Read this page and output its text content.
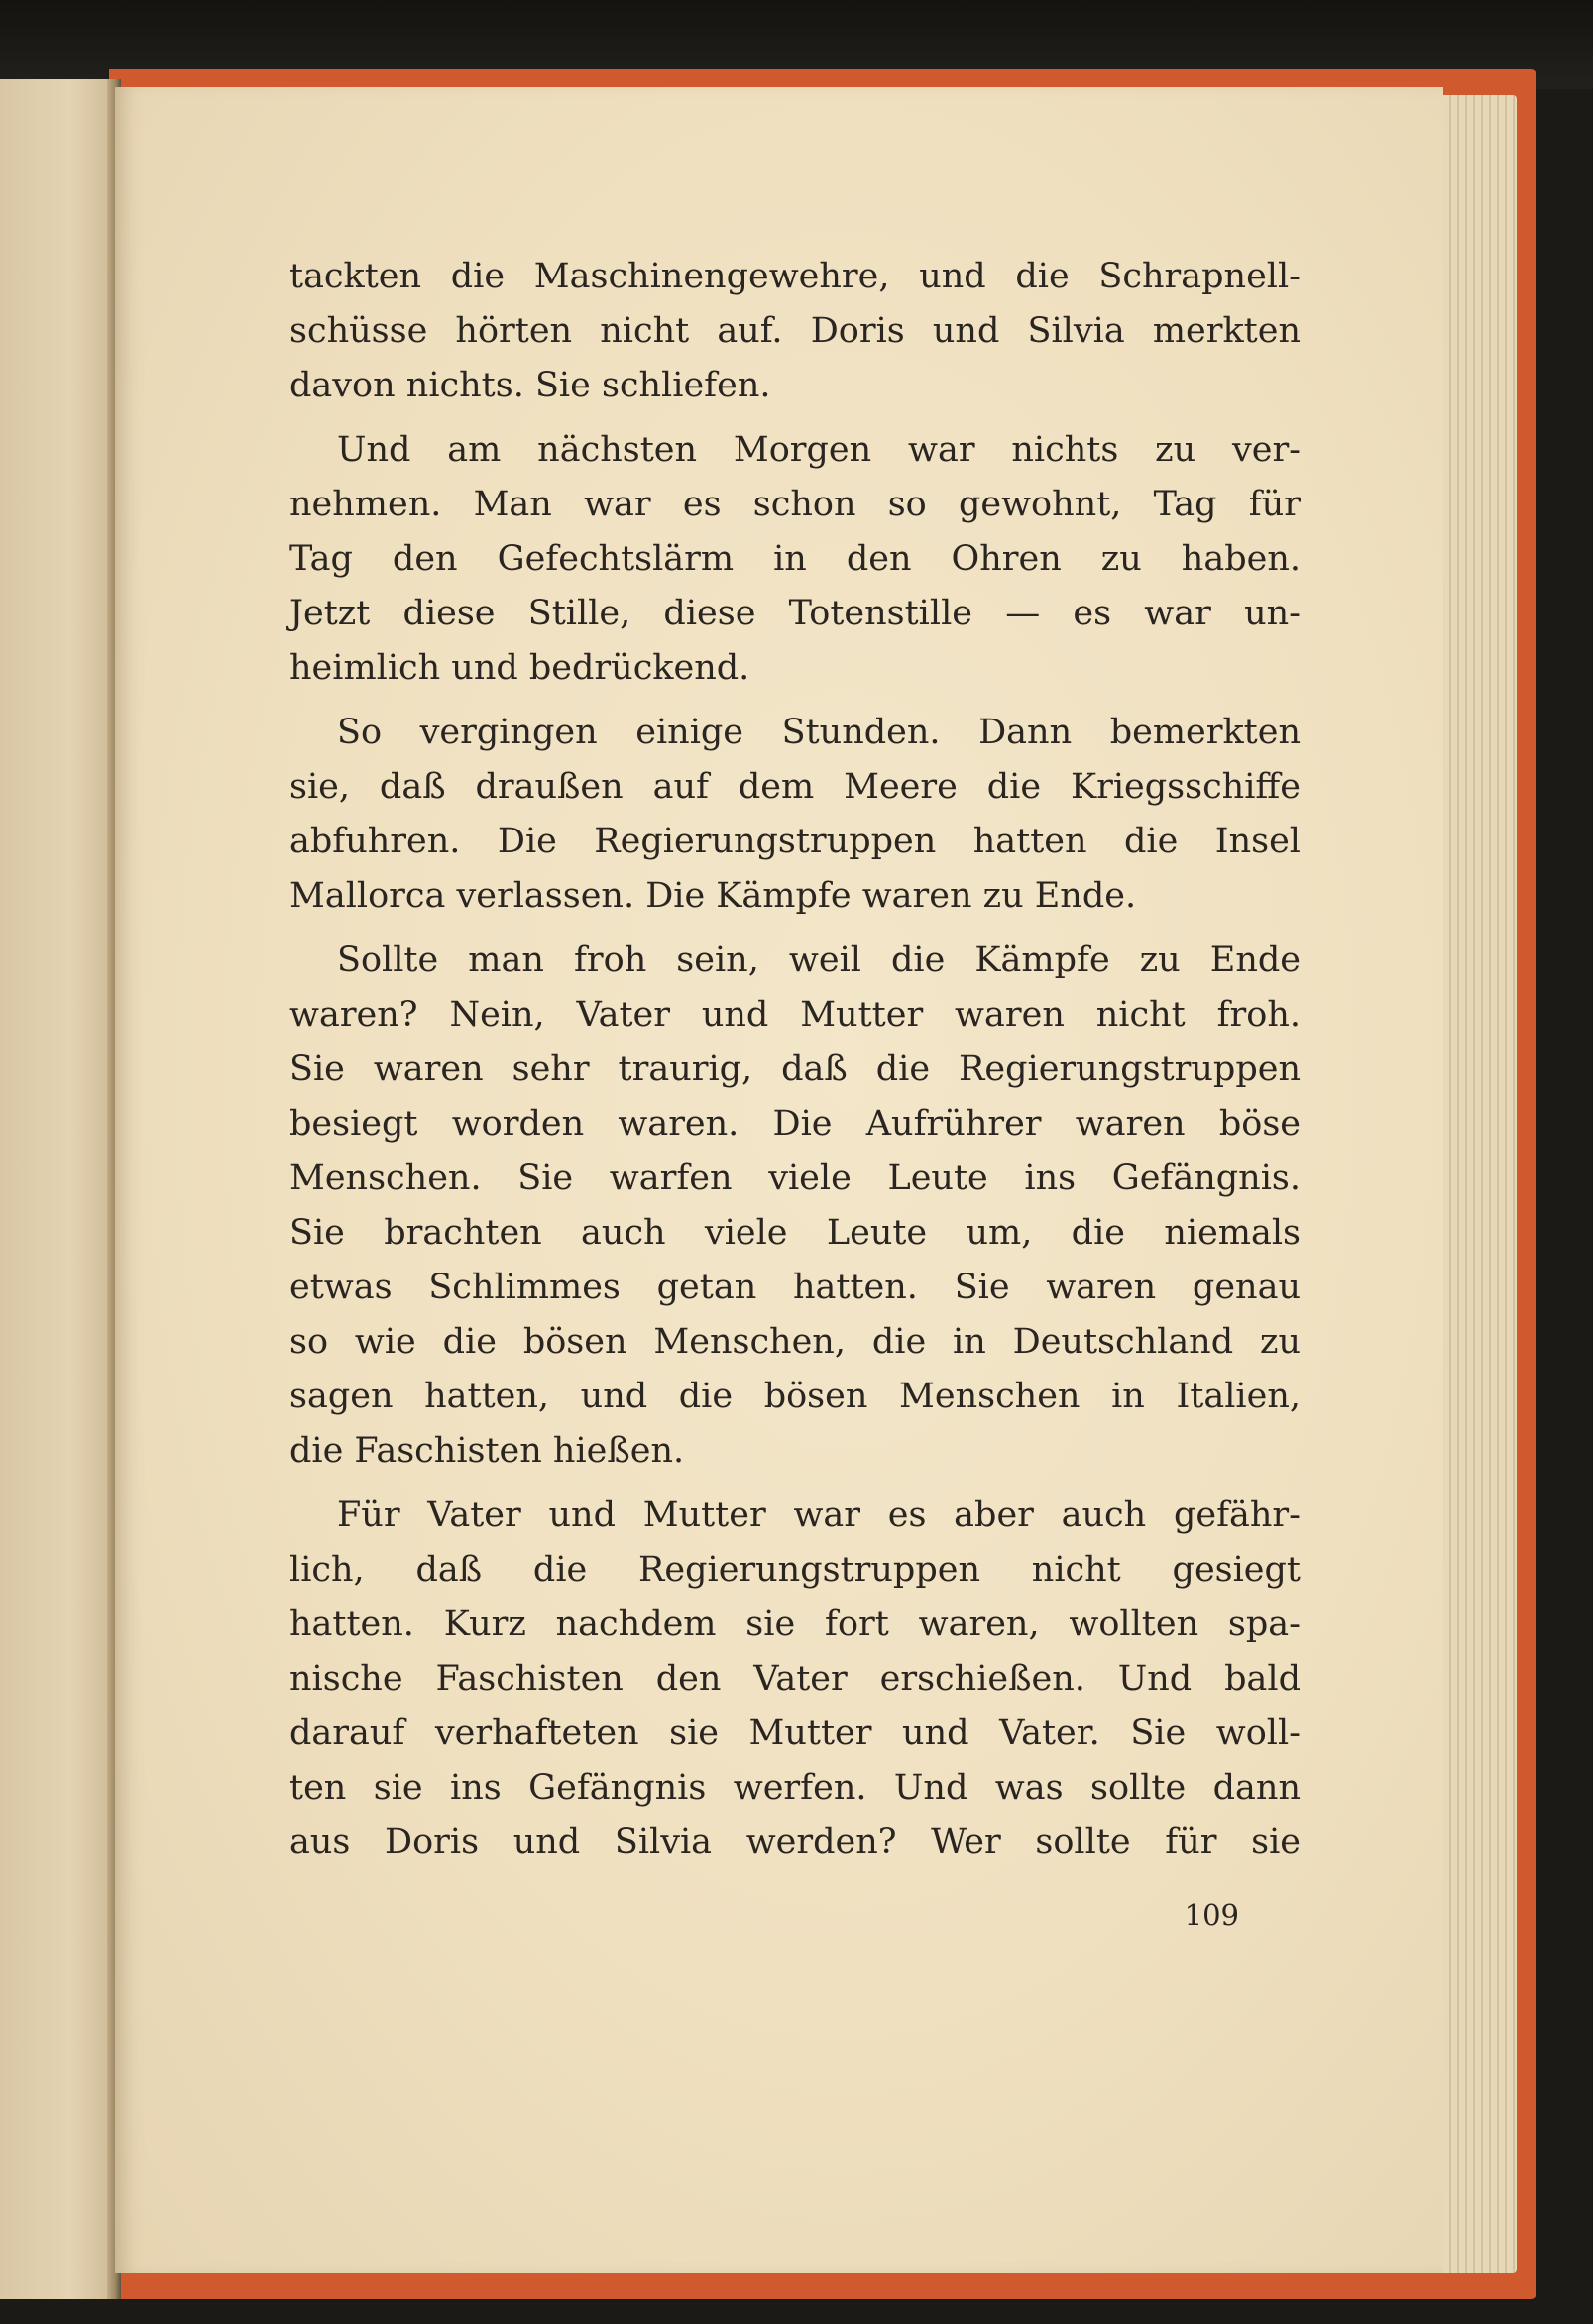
tackten die Maschinengewehre, und die Schrapnell-
schüsse hörten nicht auf. Doris und Silvia merkten
davon nichts. Sie schliefen.
Und am nächsten Morgen war nichts zu ver-
nehmen. Man war es schon so gewohnt, Tag für
Tag den Gefechtslärm in den Ohren zu haben.
Jetzt diese Stille, diese Totenstille — es war un-
heimlich und bedrückend.
So vergingen einige Stunden. Dann bemerkten
sie, daß draußen auf dem Meere die Kriegsschiffe
abfuhren. Die Regierungstruppen hatten die Insel
Mallorca verlassen. Die Kämpfe waren zu Ende.
Sollte man froh sein, weil die Kämpfe zu Ende
waren? Nein, Vater und Mutter waren nicht froh.
Sie waren sehr traurig, daß die Regierungstruppen
besiegt worden waren. Die Aufrührer waren böse
Menschen. Sie warfen viele Leute ins Gefängnis.
Sie brachten auch viele Leute um, die niemals
etwas Schlimmes getan hatten. Sie waren genau
so wie die bösen Menschen, die in Deutschland zu
sagen hatten, und die bösen Menschen in Italien,
die Faschisten hießen.
Für Vater und Mutter war es aber auch gefähr-
lich, daß die Regierungstruppen nicht gesiegt
hatten. Kurz nachdem sie fort waren, wollten spa-
nische Faschisten den Vater erschießen. Und bald
darauf verhafteten sie Mutter und Vater. Sie woll-
ten sie ins Gefängnis werfen. Und was sollte dann
aus Doris und Silvia werden? Wer sollte für sie
109
